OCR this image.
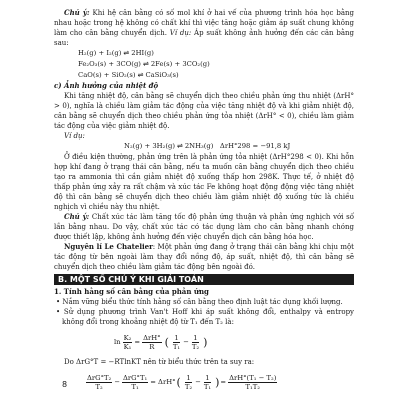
Chú ý: Khi hệ cân bằng có số mol khí ở hai vế của phương trình hóa học bằng nhau hoặc trong hệ không có chất khí thì việc tăng hoặc giảm áp suất chung không làm cho cân bằng chuyển dịch. Ví dụ: Áp suất không ảnh hưởng đến các cân bằng sau:

H₂(g) + I₂(g) ⇌ 2HI(g)

Fe₂O₃(s) + 3CO(g) ⇌ 2Fe(s) + 3CO₂(g)

CaO(s) + SiO₂(s) ⇌ CaSiO₃(s)

c) Ảnh hưởng của nhiệt độ

Khi tăng nhiệt độ, cân bằng sẽ chuyển dịch theo chiều phản ứng thu nhiệt (ΔrH° > 0), nghĩa là chiều làm giảm tác động của việc tăng nhiệt độ và khi giảm nhiệt độ, cân bằng sẽ chuyển dịch theo chiều phản ứng tỏa nhiệt (ΔrH° < 0), chiều làm giảm tác động của việc giảm nhiệt độ.

Ví dụ:

N₂(g) + 3H₂(g) ⇌ 2NH₃(g) ΔrH°298 = −91,8 kJ

Ở điều kiện thường, phản ứng trên là phản ứng tỏa nhiệt (ΔrH°298 < 0). Khi hỗn hợp khí đang ở trạng thái cân bằng, nếu ta muốn cân bằng chuyển dịch theo chiều tạo ra ammonia thì cần giảm nhiệt độ xuống thấp hơn 298K. Thực tế, ở nhiệt độ thấp phản ứng xảy ra rất chậm và xúc tác Fe không hoạt động động việc tăng nhiệt độ thì cân bằng sẽ chuyển dịch theo chiều làm giảm nhiệt độ xuống tức là chiều nghịch vì chiều này thu nhiệt.

Chú ý: Chất xúc tác làm tăng tốc độ phản ứng thuận và phản ứng nghịch với số lần bằng nhau. Do vậy, chất xúc tác có tác dụng làm cho cân bằng nhanh chóng được thiết lập, không ảnh hưởng đến việc chuyển dịch cân bằng hóa học.

Nguyên lí Le Chatelier: Một phản ứng đang ở trạng thái cân bằng khi chịu một tác động từ bên ngoài làm thay đổi nồng độ, áp suất, nhiệt độ, thì cân bằng sẽ chuyển dịch theo chiều làm giảm tác động bên ngoài đó.

B. MỘT SỐ CHÚ Ý KHI GIẢI TOÁN

1. Tính hằng số cân bằng của phản ứng

• Nắm vững biểu thức tính hằng số cân bằng theo định luật tác dụng khối lượng.

• Sử dụng phương trình Van't Hoff khi áp suất không đổi, enthalpy và entropy không đổi trong khoảng nhiệt độ từ T₁ đến T₂ là:

$\ln \frac{\text{K₂}}{\text{K₁}} = \frac{\text{ΔrH°}}{R}$ ( $\frac{1}{\text{T₁}} - \frac{1}{\text{T₂}}$ )

Do ΔrG°T = −RTlnKT nên từ biểu thức trên ta suy ra:

$\frac{\text{ΔrG°T₂}}{\text{T₂}} - \frac{\text{ΔrG°T₁}}{\text{T₁}} = \Delta rH^\circ$ ( $\frac{1}{\text{T₂}} - \frac{1}{\text{T₁}}$ ) = $\frac{\text{ΔrH°(T₁ − T₂)}}{\text{T₁T₂}}$
8
